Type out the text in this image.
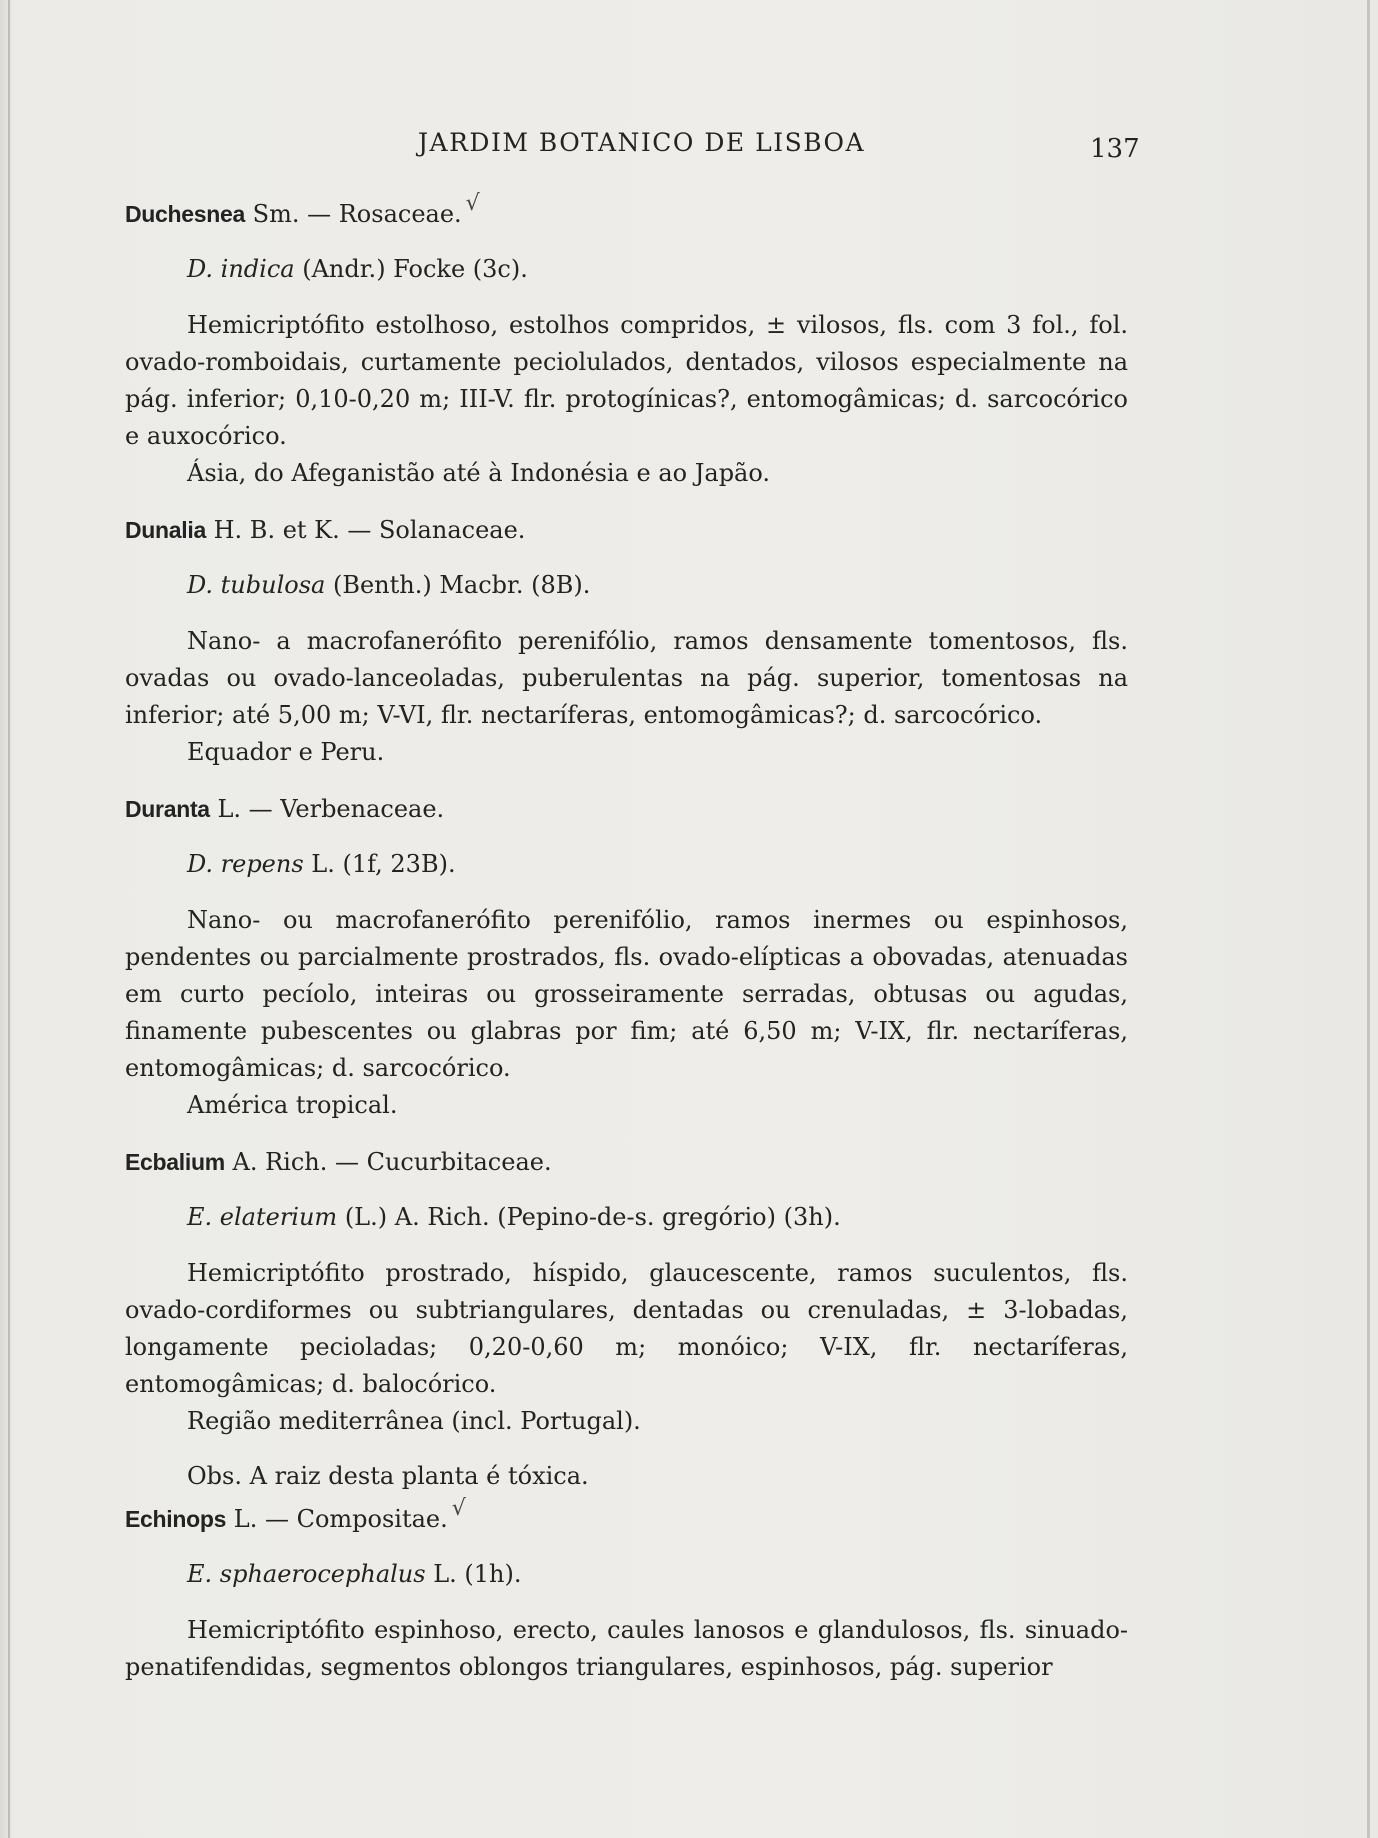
JARDIM BOTANICO DE LISBOA	137

Duchesnea Sm. — Rosaceae. √

D. indica (Andr.) Focke (3c).

Hemicriptófito estolhoso, estolhos compridos, ± vilosos, fls. com 3 fol., fol. ovado-romboidais, curtamente peciolulados, dentados, vilosos especialmente na pág. inferior; 0,10-0,20 m; III-V. flr. protogínicas?, entomogâmicas; d. sarcocórico e auxocórico.

Ásia, do Afeganistão até à Indonésia e ao Japão.

Dunalia H. B. et K. — Solanaceae.

D. tubulosa (Benth.) Macbr. (8B).

Nano- a macrofanerófito perenifólio, ramos densamente tomentosos, fls. ovadas ou ovado-lanceoladas, puberulentas na pág. superior, tomentosas na inferior; até 5,00 m; V-VI, flr. nectaríferas, entomogâmicas?; d. sarcocórico.

Equador e Peru.

Duranta L. — Verbenaceae.

D. repens L. (1f, 23B).

Nano- ou macrofanerófito perenifólio, ramos inermes ou espinhosos, pendentes ou parcialmente prostrados, fls. ovado-elípticas a obovadas, atenuadas em curto pecíolo, inteiras ou grosseiramente serradas, obtusas ou agudas, finamente pubescentes ou glabras por fim; até 6,50 m; V-IX, flr. nectaríferas, entomogâmicas; d. sarcocórico.

América tropical.

Ecbalium A. Rich. — Cucurbitaceae.

E. elaterium (L.) A. Rich. (Pepino-de-s. gregório) (3h).

Hemicriptófito prostrado, híspido, glaucescente, ramos suculentos, fls. ovado-cordiformes ou subtriangulares, dentadas ou crenuladas, ± 3-lobadas, longamente pecioladas; 0,20-0,60 m; monóico; V-IX, flr. nectaríferas, entomogâmicas; d. balocórico.

Região mediterrânea (incl. Portugal).

Obs. A raiz desta planta é tóxica.

Echinops L. — Compositae. √

E. sphaerocephalus L. (1h).

Hemicriptófito espinhoso, erecto, caules lanosos e glandulosos, fls. sinuado-penatifendidas, segmentos oblongos triangulares, espinhosos, pág. superior
